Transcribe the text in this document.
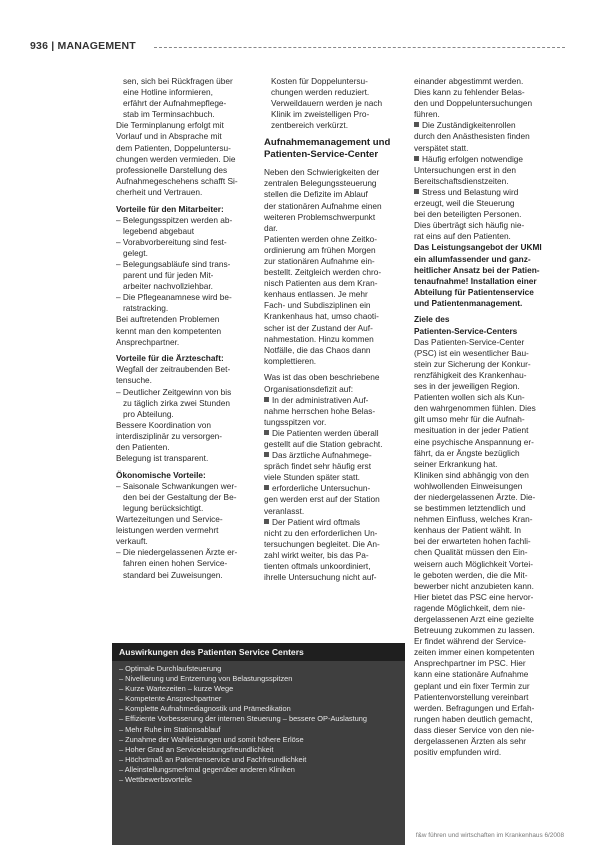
936 | MANAGEMENT
sen, sich bei Rückfragen über
eine Hotline informieren,
erfährt der Aufnahmepflege-
stab im Terminsachbuch.
Die Terminplanung erfolgt mit
Vorlauf und in Absprache mit
dem Patienten, Doppeluntersu-
chungen werden vermieden. Die
professionelle Darstellung des
Aufnahmegeschehens schafft Si-
cherheit und Vertrauen.
Vorteile für den Mitarbeiter:
– Belegungsspitzen werden ab-
legebend abgebaut
– Vorabvorbereitung sind fest-
gelegt.
– Belegungsabläufe sind trans-
parent und für jeden Mit-
arbeiter nachvollziehbar.
– Die Pflegeanamnese wird be-
ratstracking.
Bei auftretenden Problemen
kennt man den kompetenten
Ansprechpartner.
Vorteile für die Ärzteschaft:
Wegfall der zeitraubenden Bet-
tensuche.
– Deutlicher Zeitgewinn von bis
zu täglich zirka zwei Stunden
pro Abteilung.
Bessere Koordination von
interdisziplinär zu versorgen-
den Patienten.
Belegung ist transparent.
Ökonomische Vorteile:
– Saisonale Schwankungen wer-
den bei der Gestaltung der Be-
legung berücksichtigt.
Wartezeitungen und Service-
leistungen werden vermehrt
verkauft.
– Die niedergelassenen Ärzte er-
fahren einen hohen Service-
standard bei Zuweisungen.
Kosten für Doppeluntersu-
chungen werden reduziert.
Verweildauern werden je nach
Klinik im zweistelligen Pro-
zentbereich verkürzt.
Aufnahmemanagement und
Patienten-Service-Center
Neben den Schwierigkeiten der
zentralen Belegungssteuerung
stellen die Defizite im Ablauf
der stationären Aufnahme einen
weiteren Problemschwerpunkt
dar.
Patienten werden ohne Zeitko-
ordinierung am frühen Morgen
zur stationären Aufnahme ein-
bestellt. Zeitgleich werden chro-
nisch Patienten aus dem Kran-
kenhaus entlassen. Je mehr
Fach- und Subdisziplinen ein
Krankenhaus hat, umso chaoti-
scher ist der Zustand der Auf-
nahmestation. Hinzu kommen
Notfälle, die das Chaos dann
komplettieren.
Was ist das oben beschriebene
Organisationsdefizit auf:
In der administrativen Auf-
nahme herrschen hohe Belas-
tungsspitzen vor.
Die Patienten werden überall
gestellt auf die Station gebracht.
Das ärztliche Aufnahmege-
spräch findet sehr häufig erst
viele Stunden später statt.
erforderliche Untersuchun-
gen werden erst auf der Station
veranlasst.
Der Patient wird oftmals
nicht zu den erforderlichen Un-
tersuchungen begleitet. Die An-
zahl wirkt weiter, bis das Pa-
tienten oftmals unkoordiniert,
ihrelle Untersuchung nicht auf-
einander abgestimmt werden.
Dies kann zu fehlender Belas-
den und Doppeluntersuchungen
führen.
Die Zuständigkeitenrollen
durch den Anästhesisten finden
verspätet statt.
Häufig erfolgen notwendige
Untersuchungen erst in den
Bereitschaftsdienstzeiten.
Stress und Belastung wird
erzeugt, weil die Steuerung
bei den beteiligten Personen.
Dies überträgt sich häufig nie-
rat eins auf den Patienten.
Das Leistungsangebot der UKMI
ein allumfassender und ganz-
heitlicher Ansatz bei der Patien-
tenaufnahme! Installation einer
Abteilung für Patientenservice
und Patientenmanagement.
Ziele des
Patienten-Service-Centers
Das Patienten-Service-Center
(PSC) ist ein wesentlicher Bau-
stein zur Sicherung der Konkur-
renzfähigkeit des Krankenhau-
ses in der jeweiligen Region.
Patienten wollen sich als Kun-
den wahrgenommen fühlen. Dies
gilt umso mehr für die Aufnah-
mesituation in der jeder Patient
eine psychische Anspannung er-
fährt, da er Ängste bezüglich
seiner Erkrankung hat.
Kliniken sind abhängig von den
wohlwollenden Einweisungen
der niedergelassenen Ärzte. Die-
se bestimmen letztendlich und
nehmen Einfluss, welches Kran-
kenhaus der Patient wählt. In
bei der erwarteten hohen fachli-
chen Qualität müssen den Ein-
weisern auch Möglichkeit Vortei-
le geboten werden, die die Mit-
bewerber nicht anzubieten kann.
Hier bietet das PSC eine hervor-
ragende Möglichkeit, dem nie-
dergelassenen Arzt eine gezielte
Betreuung zukommen zu lassen.
Er findet während der Service-
zeiten immer einen kompetenten
Ansprechpartner im PSC. Hier
kann eine stationäre Aufnahme
geplant und ein fixer Termin zur
Patientenvorstellung vereinbart
werden. Befragungen und Erfah-
rungen haben deutlich gemacht,
dass dieser Service von den nie-
dergelassenen Ärzten als sehr
positiv empfunden wird.
Auswirkungen des Patienten Service Centers
– Optimale Durchlaufsteuerung
– Nivellierung und Entzerrung von Belastungsspitzen
– Kurze Wartezeiten – kurze Wege
– Kompetente Ansprechpartner
– Komplette Aufnahmediagnostik und Prämedikation
– Effiziente Vorbesserung der internen Steuerung – bessere OP-Auslastung
– Mehr Ruhe im Stationsablauf
– Zunahme der Wahlleistungen und somit höhere Erlöse
– Hoher Grad an Serviceleistungsfreundlichkeit
– Höchstmaß an Patientenservice und Fachfreundlichkeit
– Alleinstellungsmerkmal gegenüber anderen Kliniken
– Wettbewerbsvorteile
f&w führen und wirtschaften im Krankenhaus 6/2008
